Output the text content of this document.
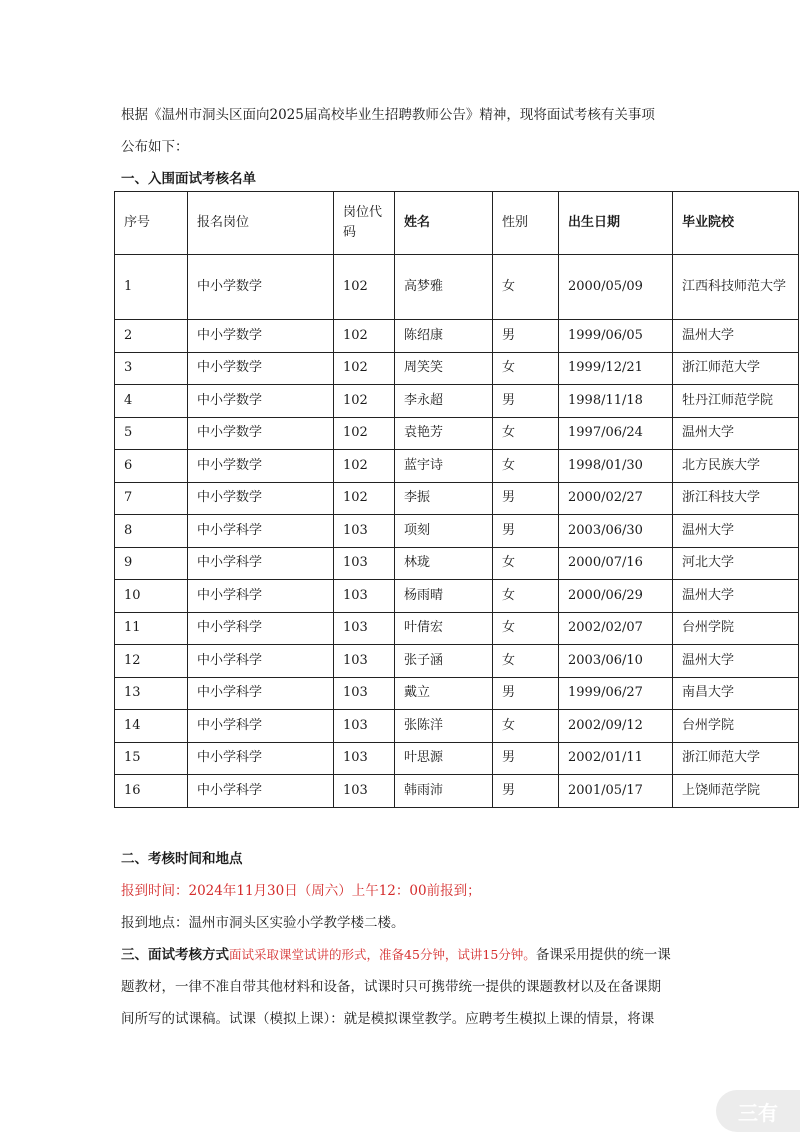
根据《温州市洞头区面向2025届高校毕业生招聘教师公告》精神，现将面试考核有关事项
公布如下：
一、入围面试考核名单
序号	报名岗位	岗位代码	姓名	性别	出生日期	毕业院校
1	中小学数学	102	高梦雅	女	2000/05/09	江西科技师范大学
2	中小学数学	102	陈绍康	男	1999/06/05	温州大学
3	中小学数学	102	周笑笑	女	1999/12/21	浙江师范大学
4	中小学数学	102	李永超	男	1998/11/18	牡丹江师范学院
5	中小学数学	102	袁艳芳	女	1997/06/24	温州大学
6	中小学数学	102	蓝宇诗	女	1998/01/30	北方民族大学
7	中小学数学	102	李振	男	2000/02/27	浙江科技大学
8	中小学科学	103	项刻	男	2003/06/30	温州大学
9	中小学科学	103	林珑	女	2000/07/16	河北大学
10	中小学科学	103	杨雨晴	女	2000/06/29	温州大学
11	中小学科学	103	叶倩宏	女	2002/02/07	台州学院
12	中小学科学	103	张子涵	女	2003/06/10	温州大学
13	中小学科学	103	戴立	男	1999/06/27	南昌大学
14	中小学科学	103	张陈洋	女	2002/09/12	台州学院
15	中小学科学	103	叶思源	男	2002/01/11	浙江师范大学
16	中小学科学	103	韩雨沛	男	2001/05/17	上饶师范学院
二、考核时间和地点
报到时间：2024年11月30日（周六）上午12：00前报到；
报到地点：温州市洞头区实验小学教学楼二楼。
三、面试考核方式面试采取课堂试讲的形式，准备45分钟，试讲15分钟。备课采用提供的统一课
题教材，一律不准自带其他材料和设备，试课时只可携带统一提供的课题教材以及在备课期
间所写的试课稿。试课（模拟上课）：就是模拟课堂教学。应聘考生模拟上课的情景，将课
三有
